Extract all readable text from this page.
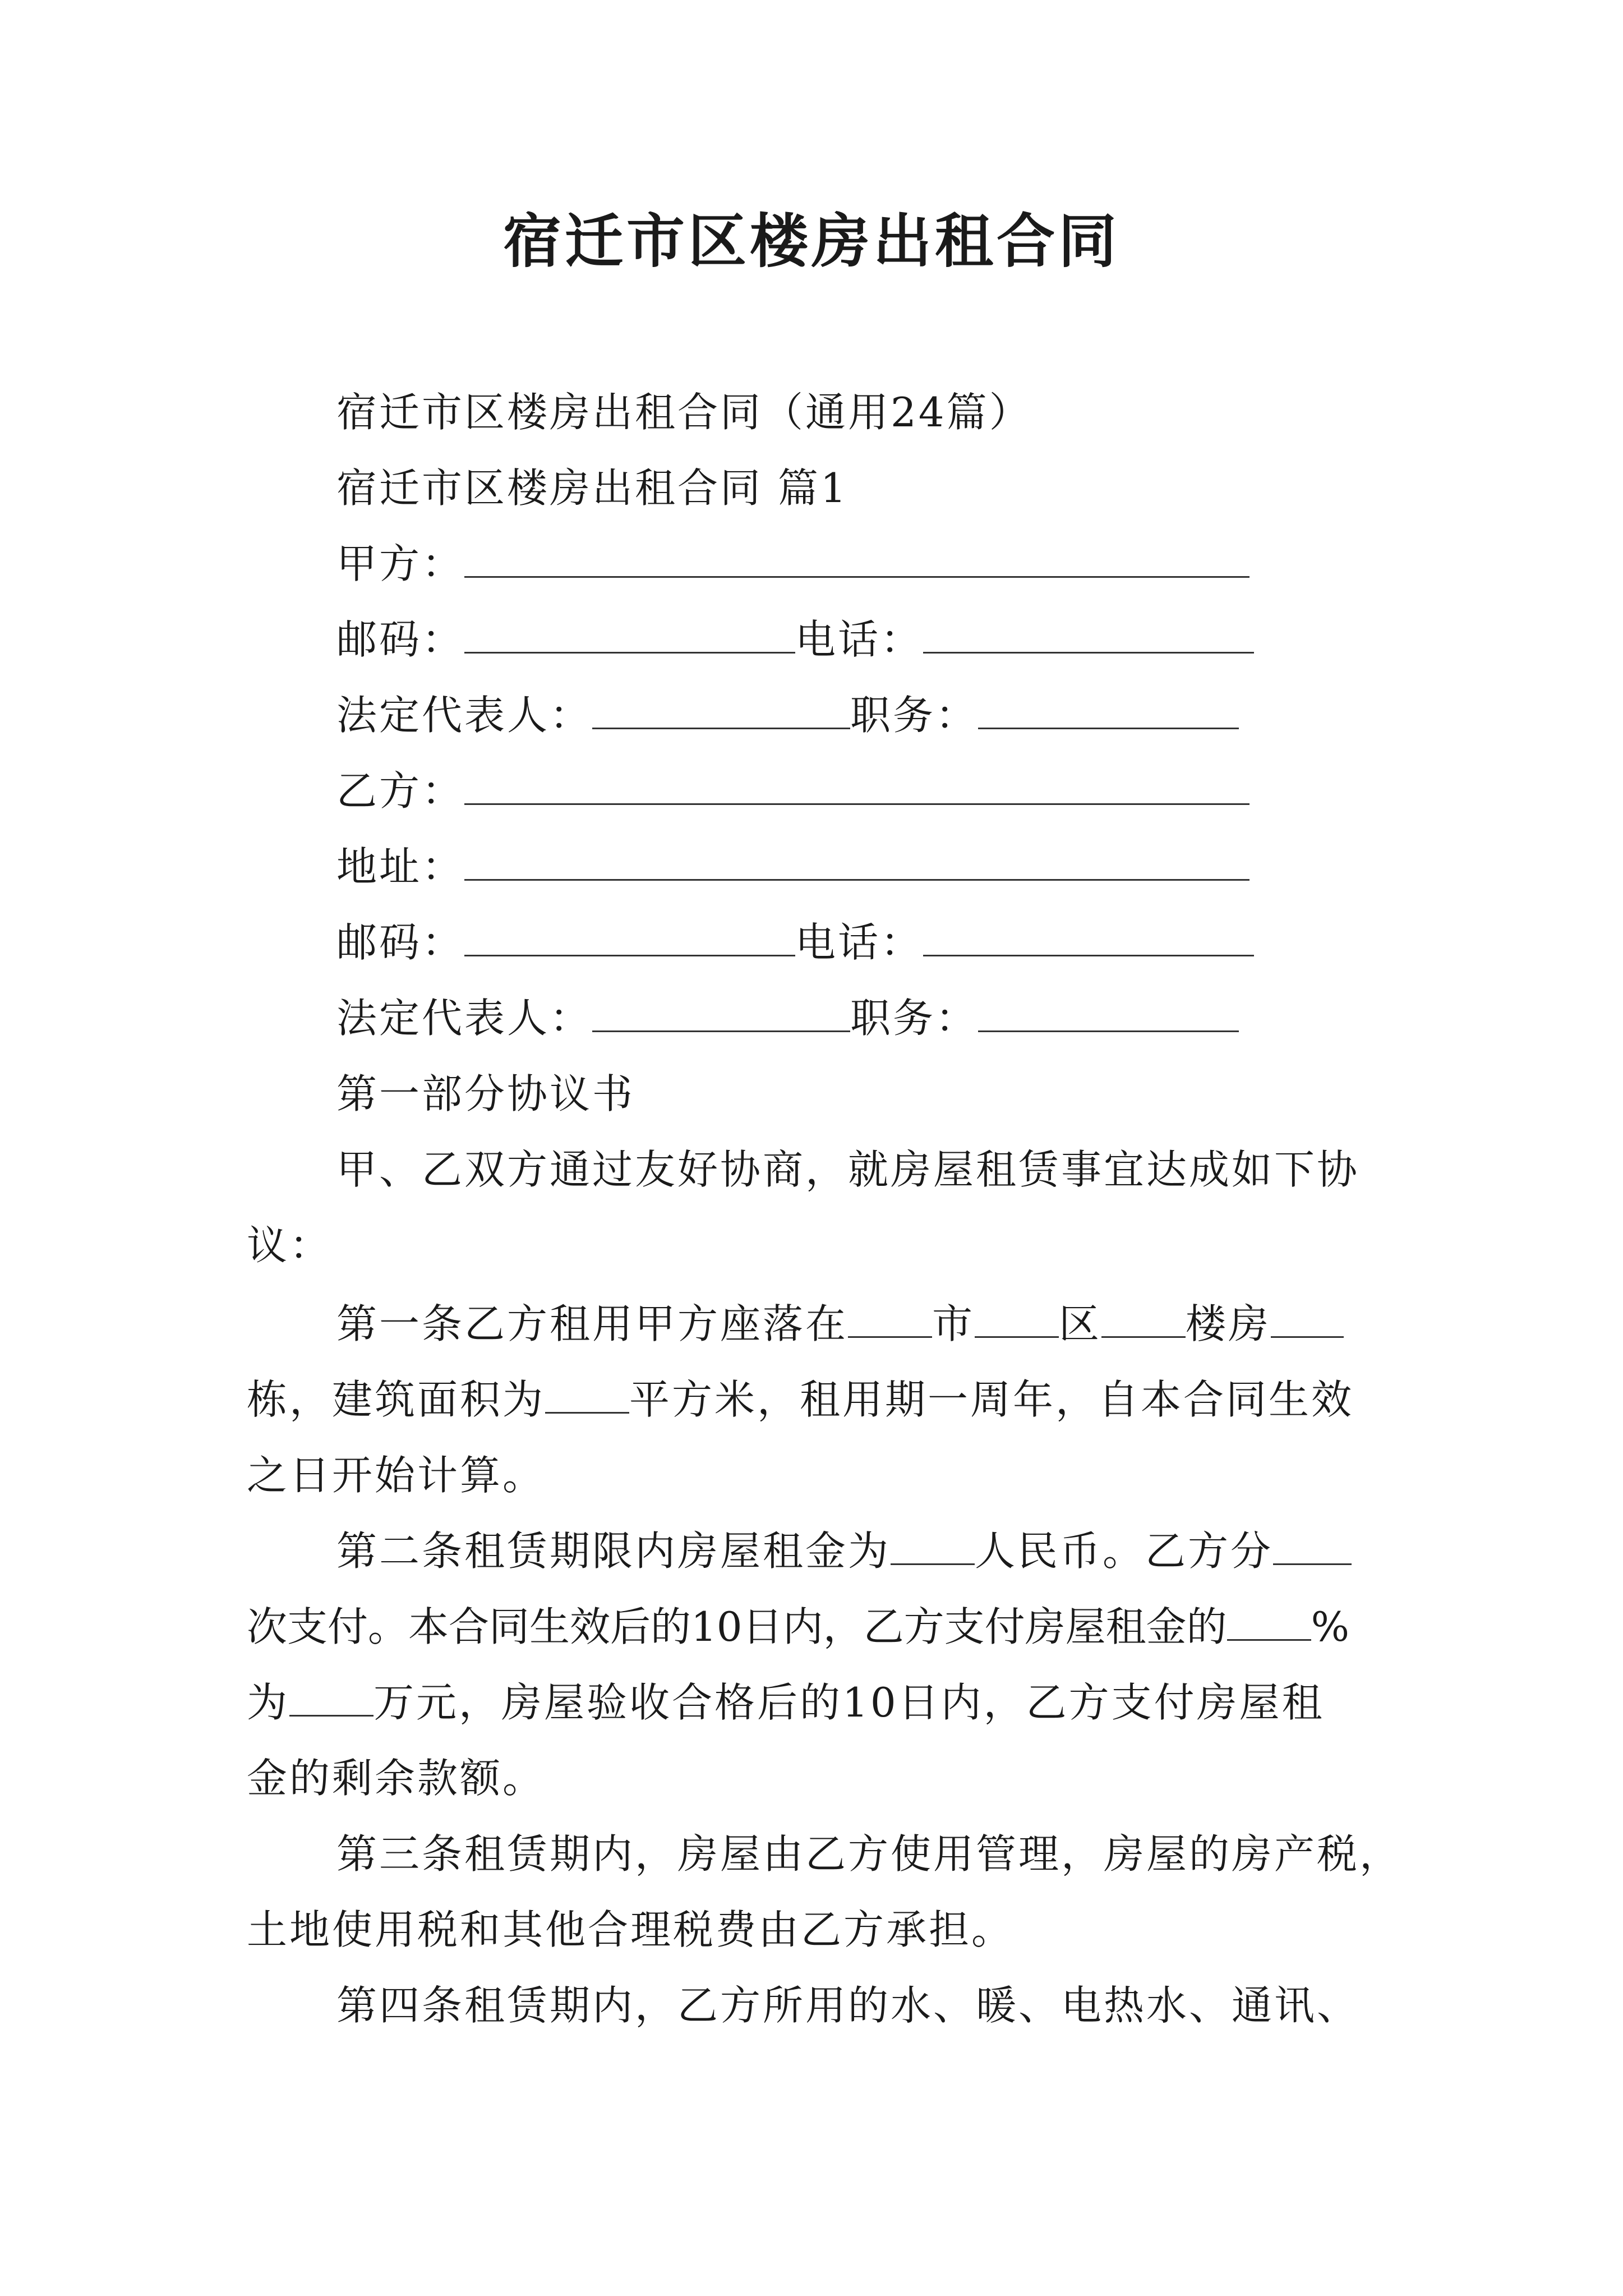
宿迁市区楼房出租合同
宿迁市区楼房出租合同（通用24篇）
宿迁市区楼房出租合同 篇1
甲方：
邮码：	电话：
法定代表人：	职务：
乙方：
地址：
邮码：	电话：
法定代表人：	职务：
第一部分协议书
甲、乙双方通过友好协商，就房屋租赁事宜达成如下协
议：
第一条乙方租用甲方座落在 市 区 楼房
栋，建筑面积为 平方米，租用期一周年，自本合同生效
之日开始计算。
第二条租赁期限内房屋租金为 人民币。乙方分
次支付。本合同生效后的10日内，乙方支付房屋租金的 %
为 万元，房屋验收合格后的10日内，乙方支付房屋租
金的剩余款额。
第三条租赁期内，房屋由乙方使用管理，房屋的房产税，
土地使用税和其他合理税费由乙方承担。
第四条租赁期内，乙方所用的水、暖、电热水、通讯、
